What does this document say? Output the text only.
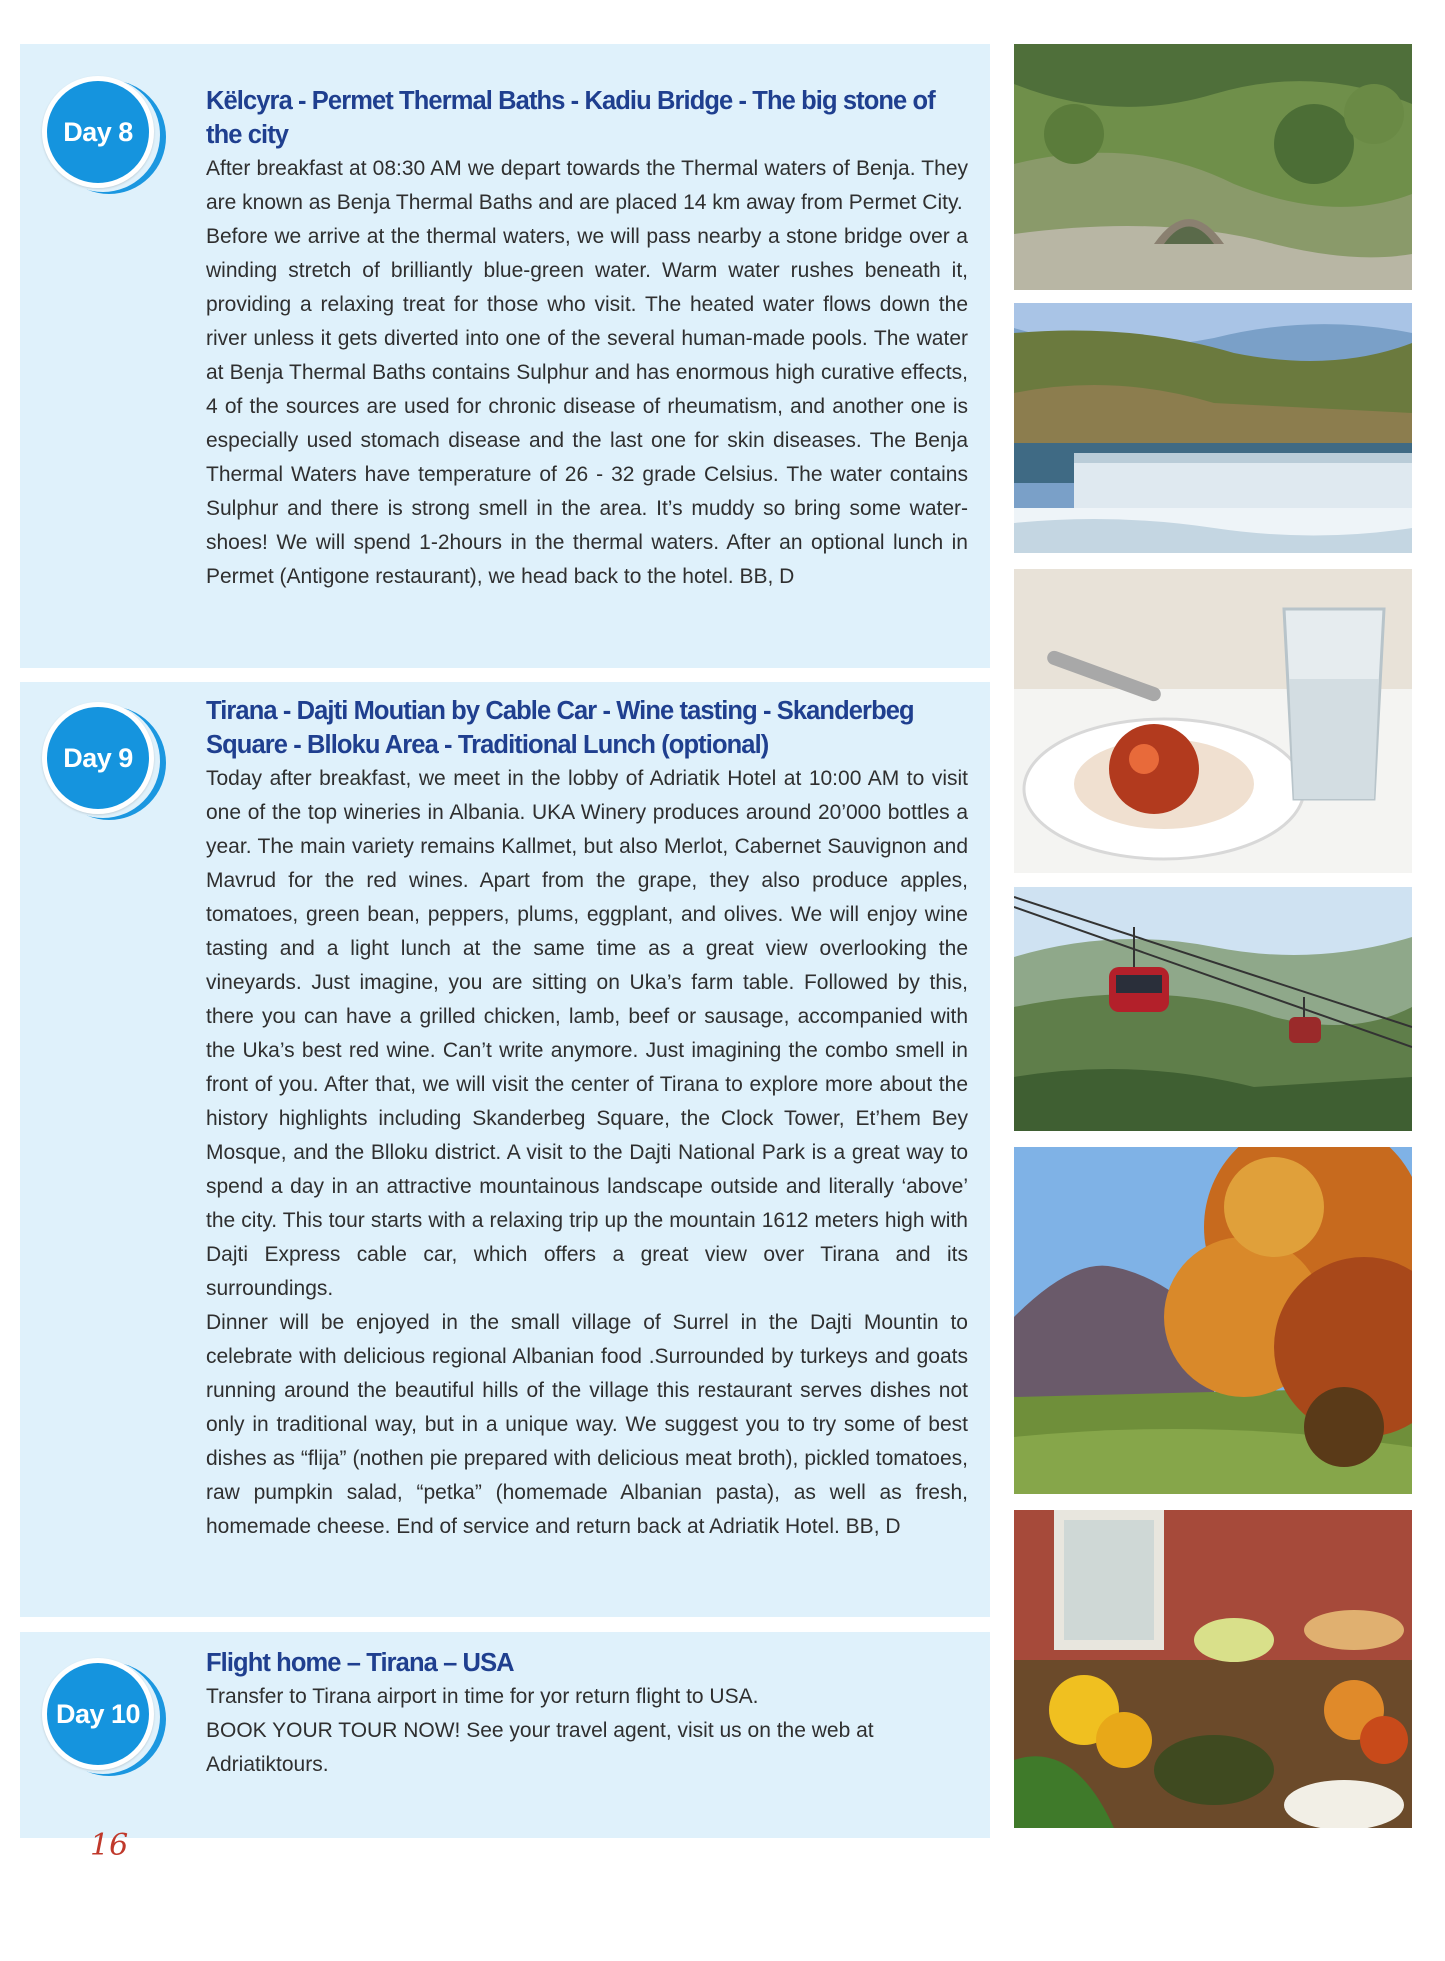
Day 8
Këlcyra - Permet Thermal Baths - Kadiu Bridge - The big stone of the city

After breakfast at 08:30 AM we depart towards the Thermal waters of Benja. They are known as Benja Thermal Baths and are placed 14 km away from Permet City.

Before we arrive at the thermal waters, we will pass nearby a stone bridge over a winding stretch of brilliantly blue-green water. Warm water rushes beneath it, providing a relaxing treat for those who visit. The heated water flows down the river unless it gets diverted into one of the several human-made pools. The water at Benja Thermal Baths contains Sulphur and has enormous high curative effects, 4 of the sources are used for chronic disease of rheumatism, and another one is especially used stomach disease and the last one for skin diseases. The Benja Thermal Waters have temperature of 26 - 32 grade Celsius. The water contains Sulphur and there is strong smell in the area. It’s muddy so bring some water-shoes! We will spend 1-2hours in the thermal waters. After an optional lunch in Permet (Antigone restaurant), we head back to the hotel. BB, D

Day 9
Tirana - Dajti Moutian by Cable Car - Wine tasting - Skanderbeg Square - Blloku Area - Traditional Lunch (optional)

Today after breakfast, we meet in the lobby of Adriatik Hotel at 10:00 AM to visit one of the top wineries in Albania. UKA Winery produces around 20’000 bottles a year. The main variety remains Kallmet, but also Merlot, Cabernet Sauvignon and Mavrud for the red wines. Apart from the grape, they also produce apples, tomatoes, green bean, peppers, plums, eggplant, and olives. We will enjoy wine tasting and a light lunch at the same time as a great view overlooking the vineyards. Just imagine, you are sitting on Uka’s farm table. Followed by this, there you can have a grilled chicken, lamb, beef or sausage, accompanied with the Uka’s best red wine. Can’t write anymore. Just imagining the combo smell in front of you. After that, we will visit the center of Tirana to explore more about the history highlights including Skanderbeg Square, the Clock Tower, Et’hem Bey Mosque, and the Blloku district. A visit to the Dajti National Park is a great way to spend a day in an attractive mountainous landscape outside and literally ‘above’ the city. This tour starts with a relaxing trip up the mountain 1612 meters high with Dajti Express cable car, which offers a great view over Tirana and its surroundings.

Dinner will be enjoyed in the small village of Surrel in the Dajti Mountin to celebrate with delicious regional Albanian food .Surrounded by turkeys and goats running around the beautiful hills of the village this restaurant serves dishes not only in traditional way, but in a unique way. We suggest you to try some of best dishes as “flija” (nothen pie prepared with delicious meat broth), pickled tomatoes, raw pumpkin salad, “petka” (homemade Albanian pasta), as well as fresh, homemade cheese. End of service and return back at Adriatik Hotel. BB, D

Day 10
Flight home – Tirana – USA

Transfer to Tirana airport in time for yor return flight to USA.

BOOK YOUR TOUR NOW! See your travel agent, visit us on the web at Adriatiktours.

16
